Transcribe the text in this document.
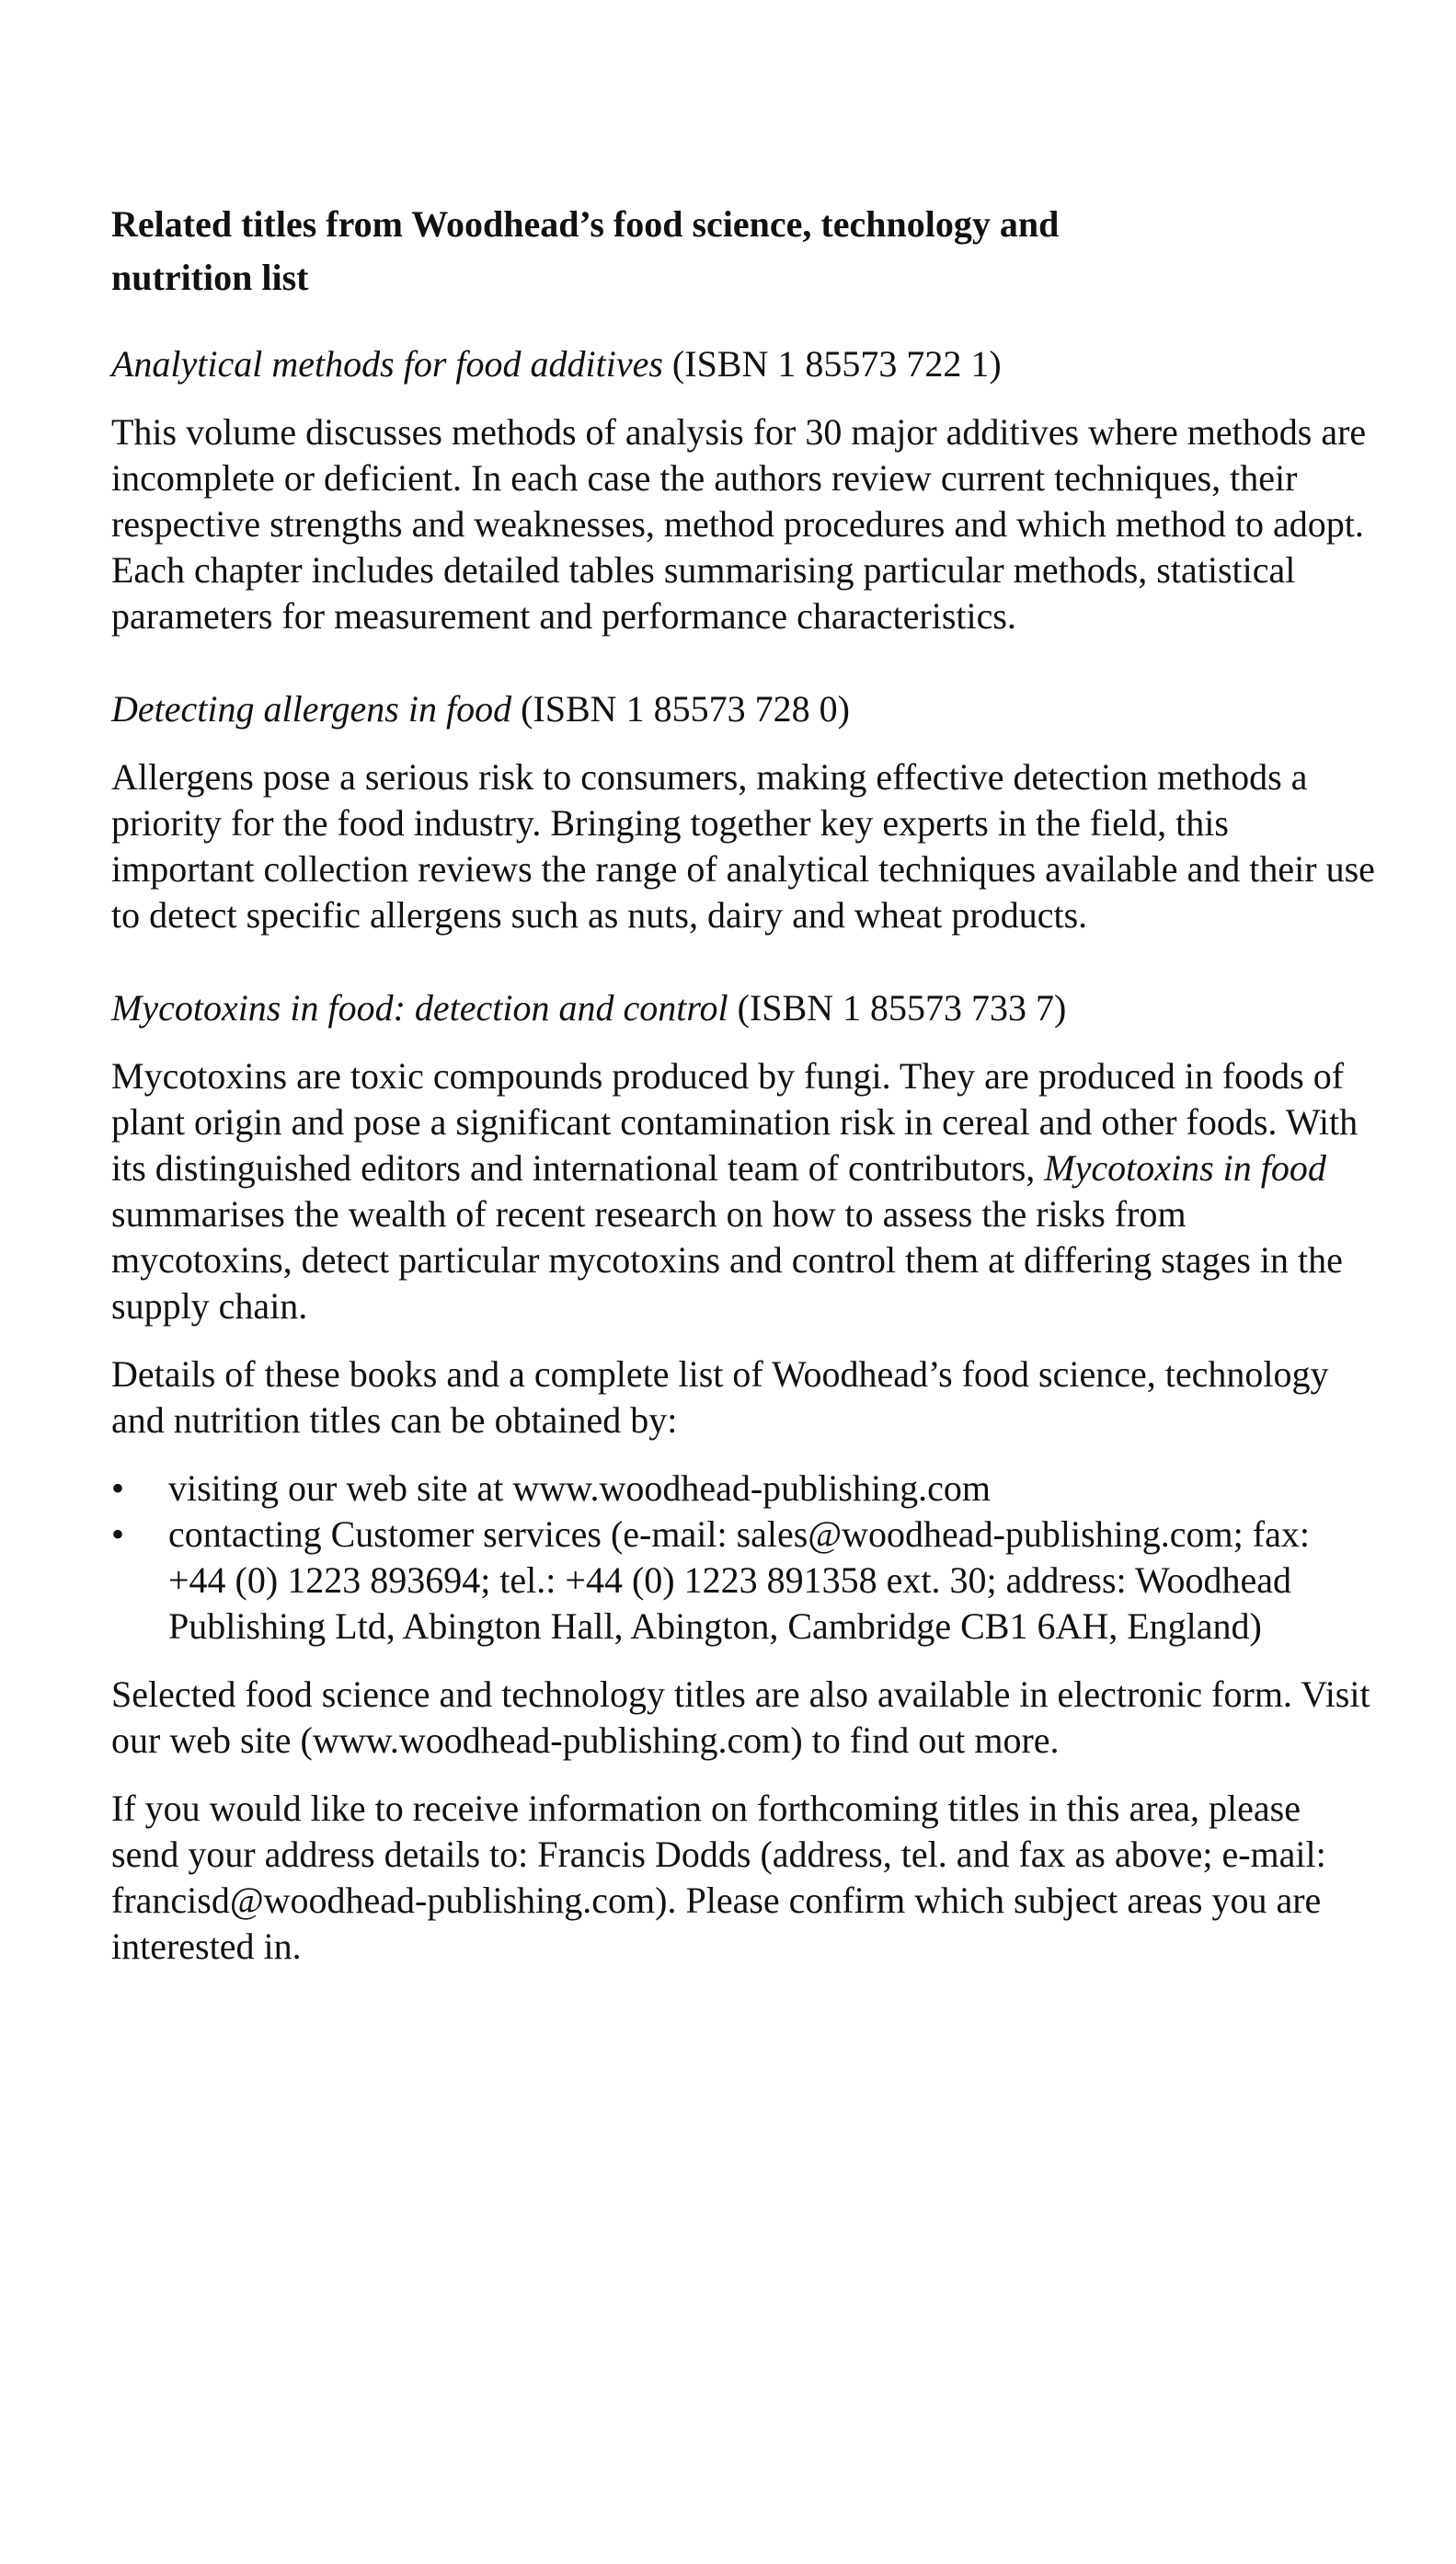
Related titles from Woodhead’s food science, technology and nutrition list

Analytical methods for food additives (ISBN 1 85573 722 1)

This volume discusses methods of analysis for 30 major additives where methods are incomplete or deficient. In each case the authors review current techniques, their respective strengths and weaknesses, method procedures and which method to adopt. Each chapter includes detailed tables summarising particular methods, statistical parameters for measurement and performance characteristics.

Detecting allergens in food (ISBN 1 85573 728 0)

Allergens pose a serious risk to consumers, making effective detection methods a priority for the food industry. Bringing together key experts in the field, this important collection reviews the range of analytical techniques available and their use to detect specific allergens such as nuts, dairy and wheat products.

Mycotoxins in food: detection and control (ISBN 1 85573 733 7)

Mycotoxins are toxic compounds produced by fungi. They are produced in foods of plant origin and pose a significant contamination risk in cereal and other foods. With its distinguished editors and international team of contributors, Mycotoxins in food summarises the wealth of recent research on how to assess the risks from mycotoxins, detect particular mycotoxins and control them at differing stages in the supply chain.

Details of these books and a complete list of Woodhead’s food science, technology and nutrition titles can be obtained by:

• visiting our web site at www.woodhead-publishing.com
• contacting Customer services (e-mail: sales@woodhead-publishing.com; fax: +44 (0) 1223 893694; tel.: +44 (0) 1223 891358 ext. 30; address: Woodhead Publishing Ltd, Abington Hall, Abington, Cambridge CB1 6AH, England)

Selected food science and technology titles are also available in electronic form. Visit our web site (www.woodhead-publishing.com) to find out more.

If you would like to receive information on forthcoming titles in this area, please send your address details to: Francis Dodds (address, tel. and fax as above; e-mail: francisd@woodhead-publishing.com). Please confirm which subject areas you are interested in.
